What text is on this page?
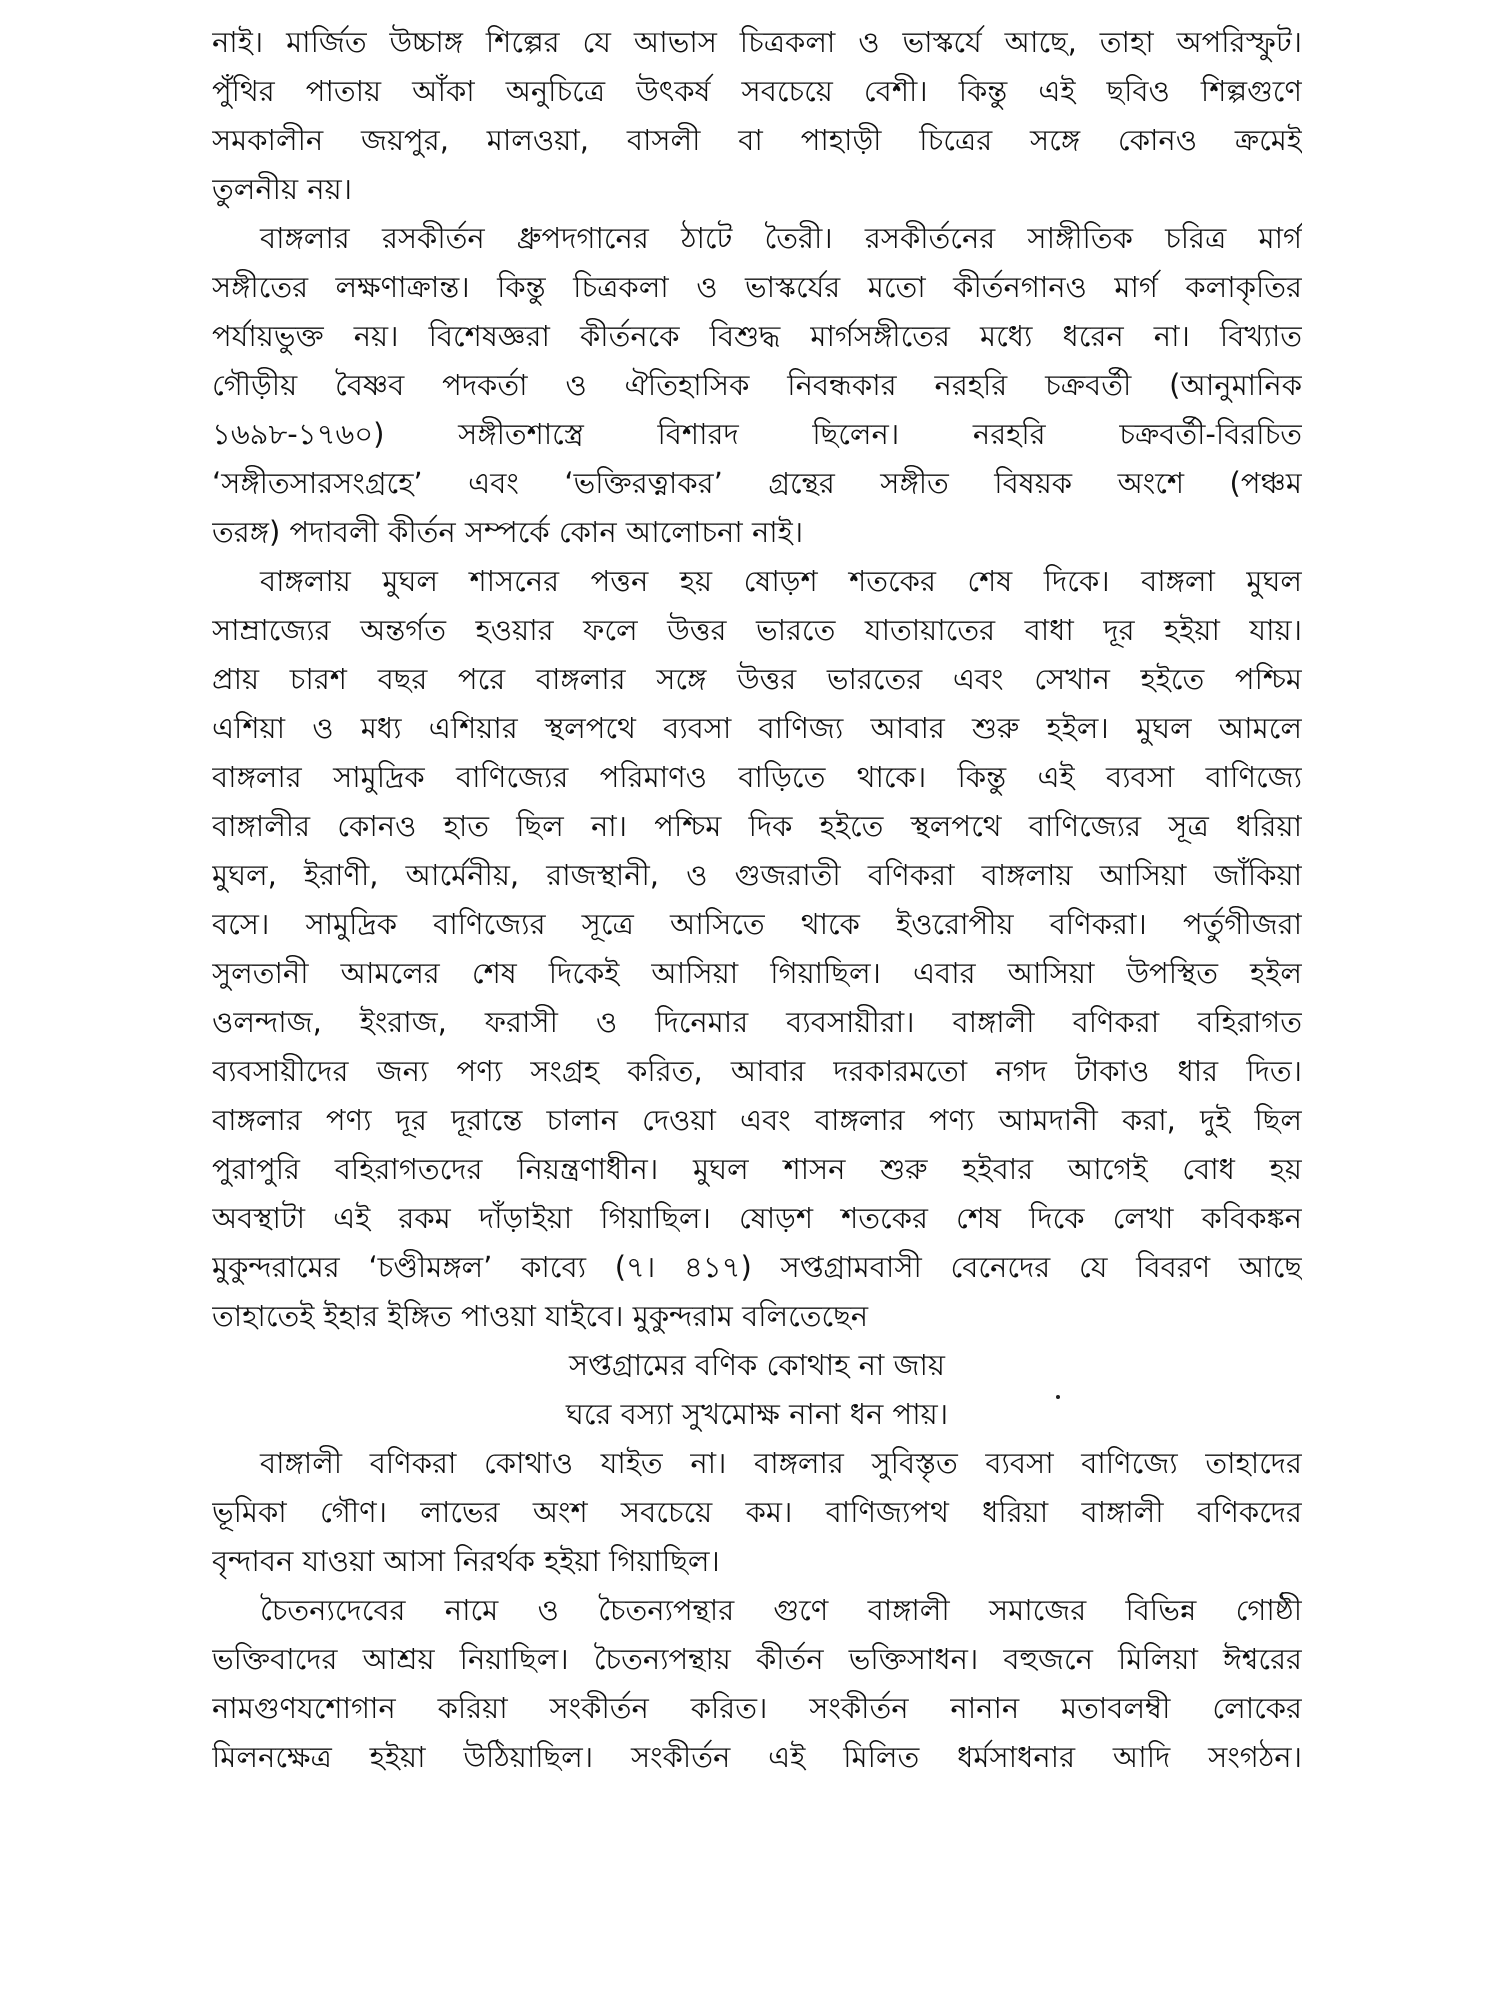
নাই। মার্জিত উচ্চাঙ্গ শিল্পের যে আভাস চিত্রকলা ও ভাস্কর্যে আছে, তাহা অপরিস্ফুট।
পুঁথির পাতায় আঁকা অনুচিত্রে উৎকর্ষ সবচেয়ে বেশী। কিন্তু এই ছবিও শিল্পগুণে
সমকালীন জয়পুর, মালওয়া, বাসলী বা পাহাড়ী চিত্রের সঙ্গে কোনও ক্রমেই
তুলনীয় নয়।
বাঙ্গলার রসকীর্তন ধ্রুপদগানের ঠাটে তৈরী। রসকীর্তনের সাঙ্গীতিক চরিত্র মার্গ
সঙ্গীতের লক্ষণাক্রান্ত। কিন্তু চিত্রকলা ও ভাস্কর্যের মতো কীর্তনগানও মার্গ কলাকৃতির
পর্যায়ভুক্ত নয়। বিশেষজ্ঞরা কীর্তনকে বিশুদ্ধ মার্গসঙ্গীতের মধ্যে ধরেন না। বিখ্যাত
গৌড়ীয় বৈষ্ণব পদকর্তা ও ঐতিহাসিক নিবন্ধকার নরহরি চক্রবর্তী (আনুমানিক
১৬৯৮-১৭৬০) সঙ্গীতশাস্ত্রে বিশারদ ছিলেন। নরহরি চক্রবর্তী-বিরচিত
‘সঙ্গীতসারসংগ্রহে’ এবং ‘ভক্তিরত্নাকর’ গ্রন্থের সঙ্গীত বিষয়ক অংশে (পঞ্চম
তরঙ্গ) পদাবলী কীর্তন সম্পর্কে কোন আলোচনা নাই।
বাঙ্গলায় মুঘল শাসনের পত্তন হয় ষোড়শ শতকের শেষ দিকে। বাঙ্গলা মুঘল
সাম্রাজ্যের অন্তর্গত হওয়ার ফলে উত্তর ভারতে যাতায়াতের বাধা দূর হইয়া যায়।
প্রায় চারশ বছর পরে বাঙ্গলার সঙ্গে উত্তর ভারতের এবং সেখান হইতে পশ্চিম
এশিয়া ও মধ্য এশিয়ার স্থলপথে ব্যবসা বাণিজ্য আবার শুরু হইল। মুঘল আমলে
বাঙ্গলার সামুদ্রিক বাণিজ্যের পরিমাণও বাড়িতে থাকে। কিন্তু এই ব্যবসা বাণিজ্যে
বাঙ্গালীর কোনও হাত ছিল না। পশ্চিম দিক হইতে স্থলপথে বাণিজ্যের সূত্র ধরিয়া
মুঘল, ইরাণী, আর্মেনীয়, রাজস্থানী, ও গুজরাতী বণিকরা বাঙ্গলায় আসিয়া জাঁকিয়া
বসে। সামুদ্রিক বাণিজ্যের সূত্রে আসিতে থাকে ইওরোপীয় বণিকরা। পর্তুগীজরা
সুলতানী আমলের শেষ দিকেই আসিয়া গিয়াছিল। এবার আসিয়া উপস্থিত হইল
ওলন্দাজ, ইংরাজ, ফরাসী ও দিনেমার ব্যবসায়ীরা। বাঙ্গালী বণিকরা বহিরাগত
ব্যবসায়ীদের জন্য পণ্য সংগ্রহ করিত, আবার দরকারমতো নগদ টাকাও ধার দিত।
বাঙ্গলার পণ্য দূর দূরান্তে চালান দেওয়া এবং বাঙ্গলার পণ্য আমদানী করা, দুই ছিল
পুরাপুরি বহিরাগতদের নিয়ন্ত্রণাধীন। মুঘল শাসন শুরু হইবার আগেই বোধ হয়
অবস্থাটা এই রকম দাঁড়াইয়া গিয়াছিল। ষোড়শ শতকের শেষ দিকে লেখা কবিকঙ্কন
মুকুন্দরামের ‘চণ্ডীমঙ্গল’ কাব্যে (৭। ৪১৭) সপ্তগ্রামবাসী বেনেদের যে বিবরণ আছে
তাহাতেই ইহার ইঙ্গিত পাওয়া যাইবে। মুকুন্দরাম বলিতেছেন
সপ্তগ্রামের বণিক কোথাহ না জায়
ঘরে বস্যা সুখমোক্ষ নানা ধন পায়।
বাঙ্গালী বণিকরা কোথাও যাইত না। বাঙ্গলার সুবিস্তৃত ব্যবসা বাণিজ্যে তাহাদের
ভূমিকা গৌণ। লাভের অংশ সবচেয়ে কম। বাণিজ্যপথ ধরিয়া বাঙ্গালী বণিকদের
বৃন্দাবন যাওয়া আসা নিরর্থক হইয়া গিয়াছিল।
চৈতন্যদেবের নামে ও চৈতন্যপন্থার গুণে বাঙ্গালী সমাজের বিভিন্ন গোষ্ঠী
ভক্তিবাদের আশ্রয় নিয়াছিল। চৈতন্যপন্থায় কীর্তন ভক্তিসাধন। বহুজনে মিলিয়া ঈশ্বরের
নামগুণযশোগান করিয়া সংকীর্তন করিত। সংকীর্তন নানান মতাবলম্বী লোকের
মিলনক্ষেত্র হইয়া উঠিয়াছিল। সংকীর্তন এই মিলিত ধর্মসাধনার আদি সংগঠন।
